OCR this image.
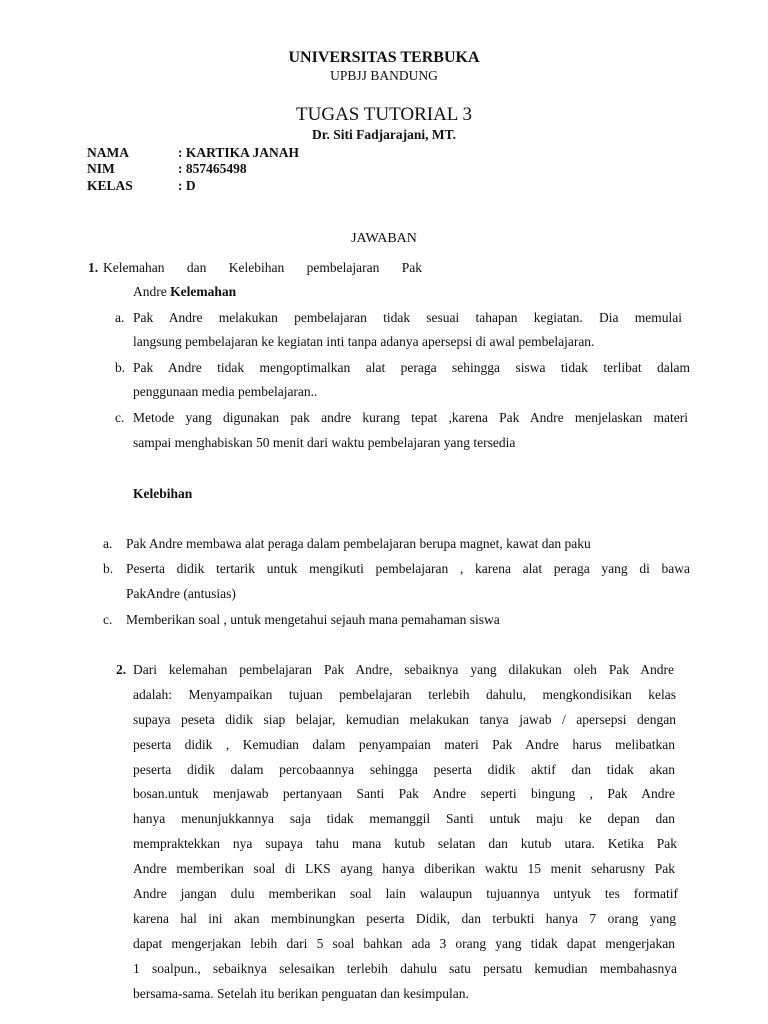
UNIVERSITAS TERBUKA
UPBJJ BANDUNG
TUGAS TUTORIAL 3
Dr. Siti Fadjarajani, MT.
NAMA	: KARTIKA JANAH
NIM	: 857465498
KELAS	: D
JAWABAN
1. Kelemahan dan Kelebihan pembelajaran Pak
Andre Kelemahan
a. Pak Andre melakukan pembelajaran tidak sesuai tahapan kegiatan. Dia memulai
langsung pembelajaran ke kegiatan inti tanpa adanya apersepsi di awal pembelajaran.
b. Pak Andre tidak mengoptimalkan alat peraga sehingga siswa tidak terlibat dalam
penggunaan media pembelajaran..
c. Metode yang digunakan pak andre kurang tepat ,karena Pak Andre menjelaskan materi
sampai menghabiskan 50 menit dari waktu pembelajaran yang tersedia
Kelebihan
a. Pak Andre membawa alat peraga dalam pembelajaran berupa magnet, kawat dan paku
b. Peserta didik tertarik untuk mengikuti pembelajaran , karena alat peraga yang di bawa
PakAndre (antusias)
c. Memberikan soal , untuk mengetahui sejauh mana pemahaman siswa
2. Dari kelemahan pembelajaran Pak Andre, sebaiknya yang dilakukan oleh Pak Andre
adalah: Menyampaikan tujuan pembelajaran terlebih dahulu, mengkondisikan kelas
supaya peseta didik siap belajar, kemudian melakukan tanya jawab / apersepsi dengan
peserta didik , Kemudian dalam penyampaian materi Pak Andre harus melibatkan
peserta didik dalam percobaannya sehingga peserta didik aktif dan tidak akan
bosan.untuk menjawab pertanyaan Santi Pak Andre seperti bingung , Pak Andre
hanya menunjukkannya saja tidak memanggil Santi untuk maju ke depan dan
mempraktekkan nya supaya tahu mana kutub selatan dan kutub utara. Ketika Pak
Andre memberikan soal di LKS ayang hanya diberikan waktu 15 menit seharusny Pak
Andre jangan dulu memberikan soal lain walaupun tujuannya untyuk tes formatif
karena hal ini akan membinungkan peserta Didik, dan terbukti hanya 7 orang yang
dapat mengerjakan lebih dari 5 soal bahkan ada 3 orang yang tidak dapat mengerjakan
1 soalpun., sebaiknya selesaikan terlebih dahulu satu persatu kemudian membahasnya
bersama-sama. Setelah itu berikan penguatan dan kesimpulan.
